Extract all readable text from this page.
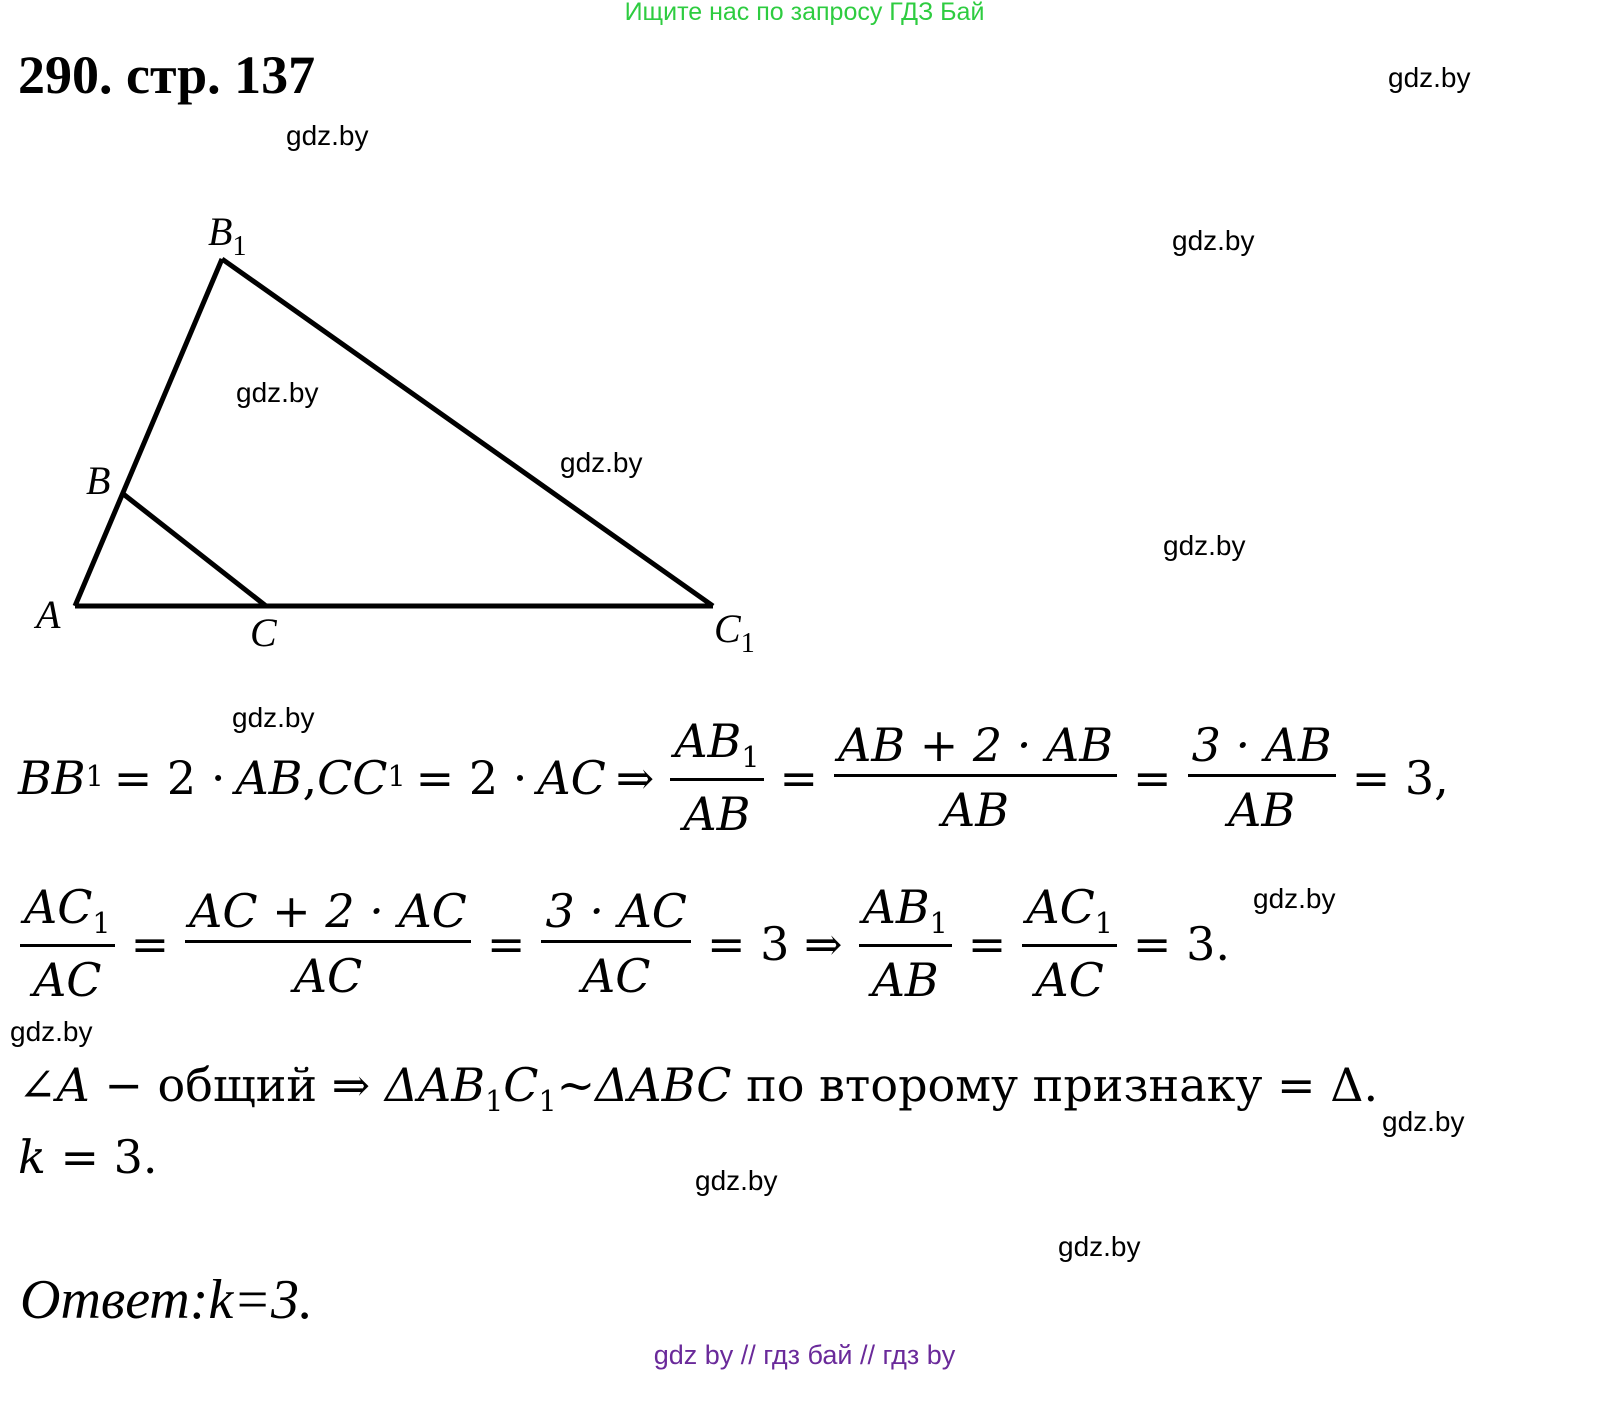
Ищите нас по запросу ГДЗ Бай
290. стр. 137	gdz.by
gdz.by
gdz.by
gdz.by
gdz.by
gdz.by
gdz.by
gdz.by
gdz.by
gdz.by
gdz.by
gdz.by
$B_1$
B
A	C	$C_1$
BB 1 = 2 · AB , CC 1 = 2 · AC ⇒ $\frac{AB_1}{AB} = \frac{AB + 2 \cdot AB}{AB} = \frac{3 \cdot AB}{AB} = 3$,
$\frac{AC_1}{AC} = \frac{AC + 2 \cdot AC}{AC} = \frac{3 \cdot AC}{AC} = 3$ ⇒ $\frac{AB_1}{AB} = \frac{AC_1}{AC} = 3$.
∠A − общий ⇒ $\Delta AB_1C_1\sim\Delta ABC$ по второму признаку = Δ.
k = 3.
Ответ:k=3.
gdz by // гдз бай // гдз by
